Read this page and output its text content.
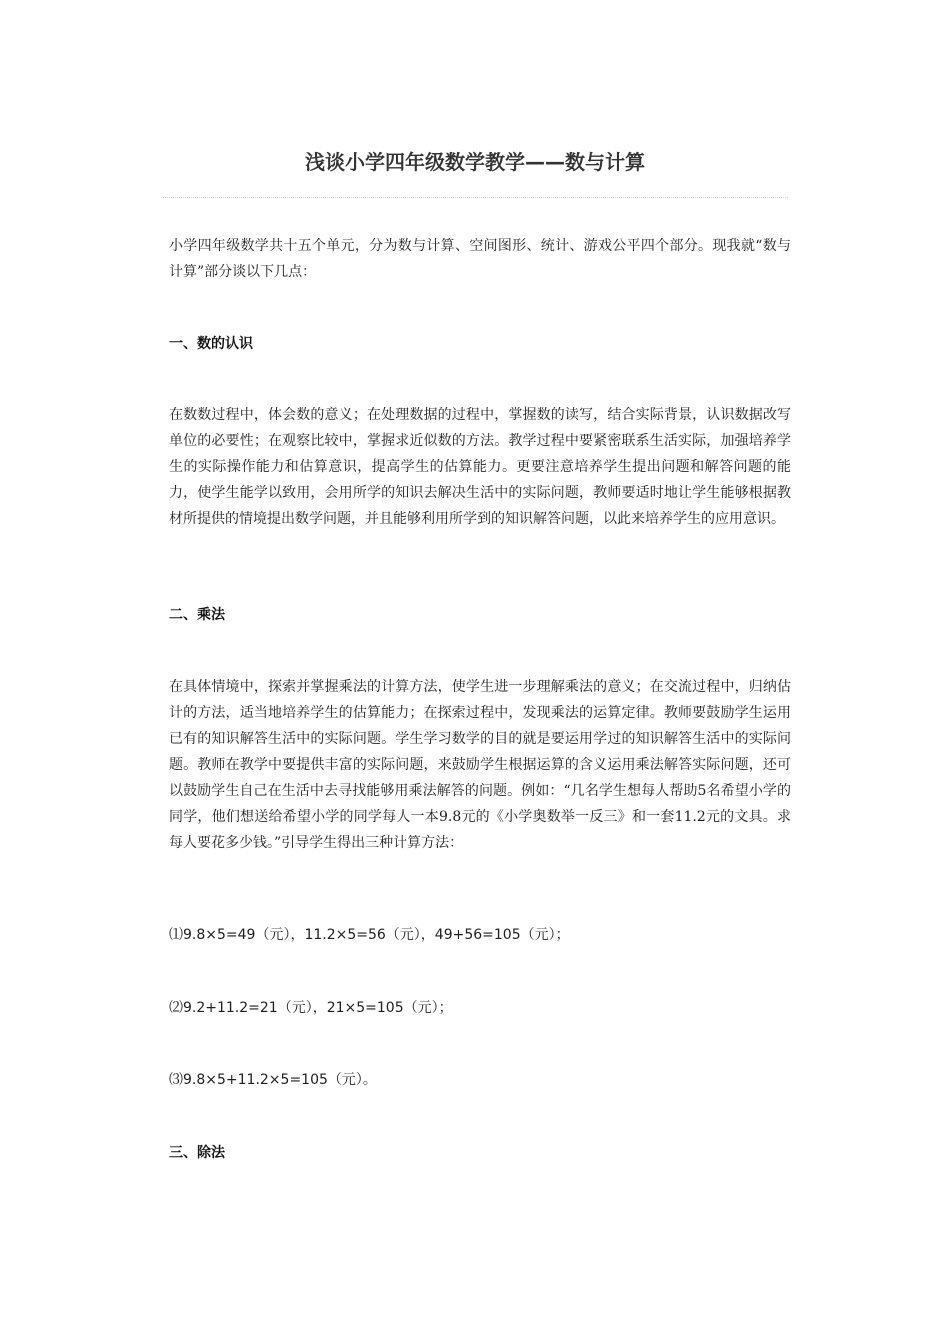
浅谈小学四年级数学教学——数与计算

小学四年级数学共十五个单元，分为数与计算、空间图形、统计、游戏公平四个部分。现我就“数与计算”部分谈以下几点：

一、数的认识

在数数过程中，体会数的意义；在处理数据的过程中，掌握数的读写，结合实际背景，认识数据改写单位的必要性；在观察比较中，掌握求近似数的方法。教学过程中要紧密联系生活实际，加强培养学生的实际操作能力和估算意识，提高学生的估算能力。更要注意培养学生提出问题和解答问题的能力，使学生能学以致用，会用所学的知识去解决生活中的实际问题，教师要适时地让学生能够根据教材所提供的情境提出数学问题，并且能够利用所学到的知识解答问题，以此来培养学生的应用意识。

二、乘法

在具体情境中，探索并掌握乘法的计算方法，使学生进一步理解乘法的意义；在交流过程中，归纳估计的方法，适当地培养学生的估算能力；在探索过程中，发现乘法的运算定律。教师要鼓励学生运用已有的知识解答生活中的实际问题。学生学习数学的目的就是要运用学过的知识解答生活中的实际问题。教师在教学中要提供丰富的实际问题，来鼓励学生根据运算的含义运用乘法解答实际问题，还可以鼓励学生自己在生活中去寻找能够用乘法解答的问题。例如：“几名学生想每人帮助5名希望小学的同学，他们想送给希望小学的同学每人一本9.8元的《小学奥数举一反三》和一套11.2元的文具。求每人要花多少钱。”引导学生得出三种计算方法：

⑴9.8×5=49（元），11.2×5=56（元），49+56=105（元）；

⑵9.2+11.2=21（元），21×5=105（元）；

⑶9.8×5+11.2×5=105（元）。

三、除法
